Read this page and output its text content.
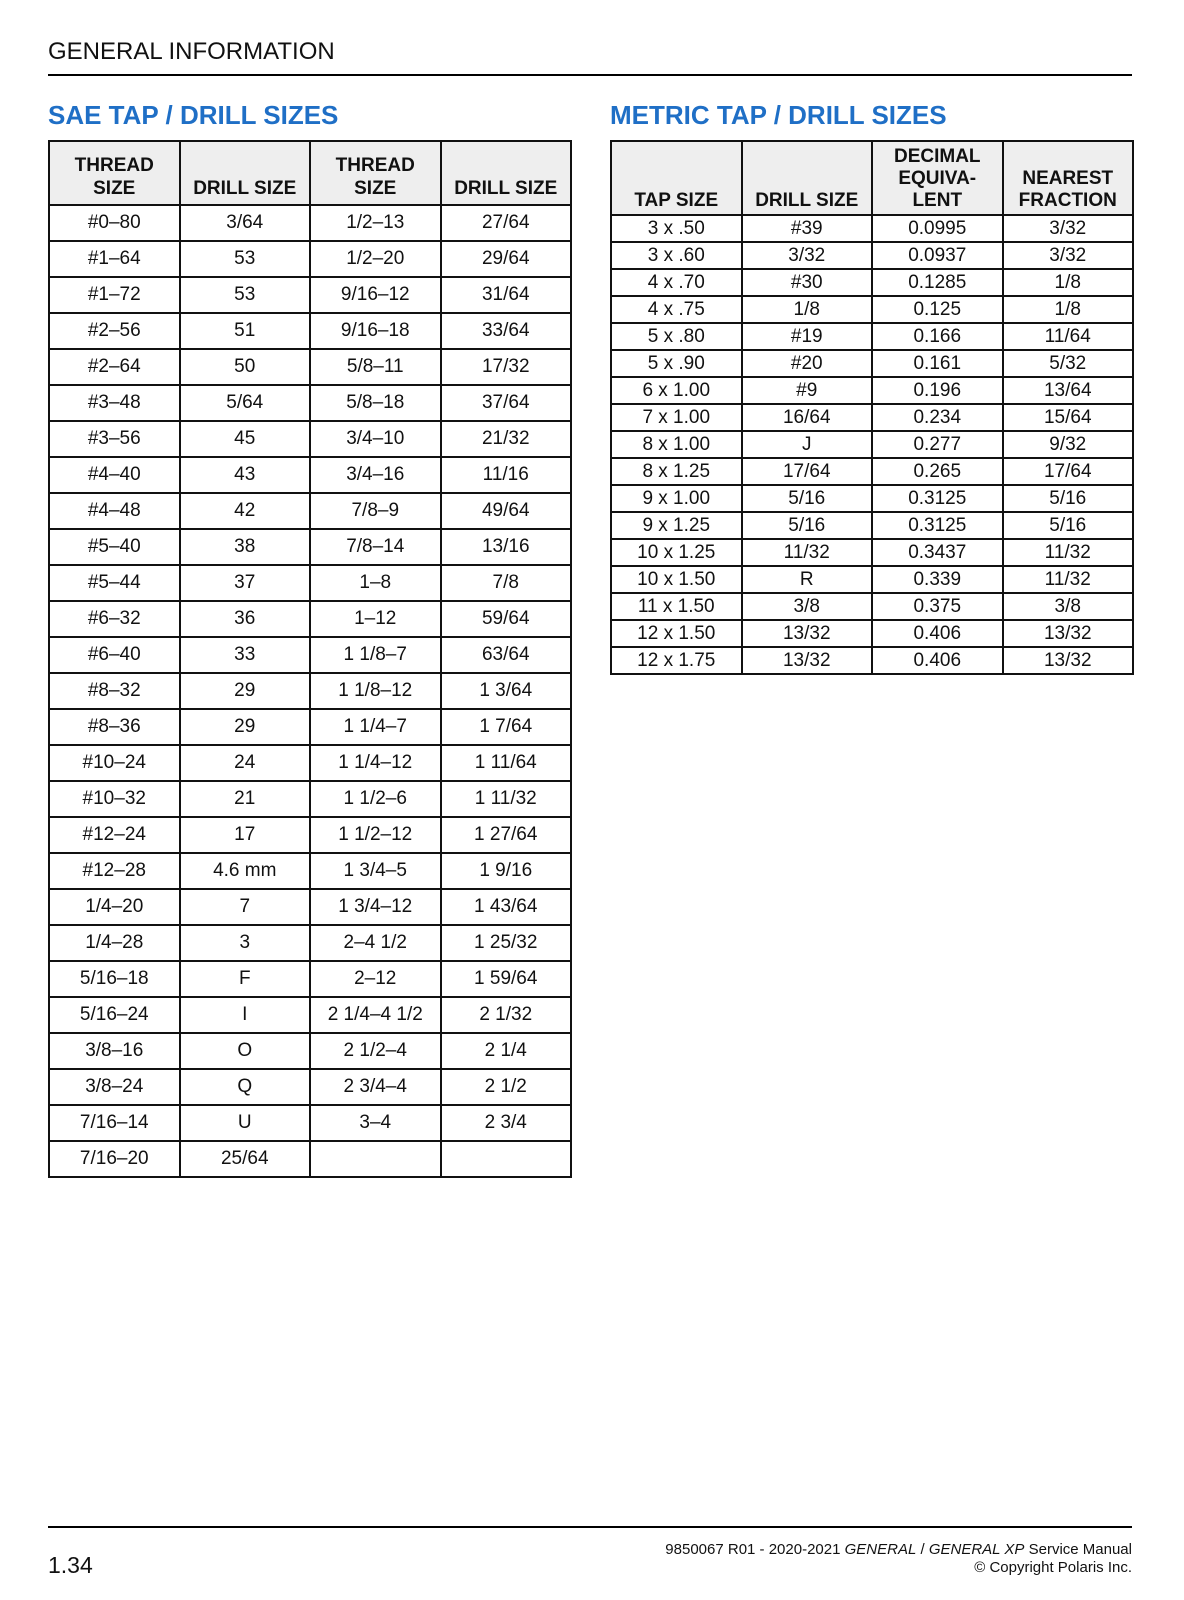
GENERAL INFORMATION
SAE TAP / DRILL SIZES	METRIC TAP / DRILL SIZES
THREAD SIZE	DRILL SIZE	THREAD SIZE	DRILL SIZE
#0–80	3/64	1/2–13	27/64
#1–64	53	1/2–20	29/64
#1–72	53	9/16–12	31/64
#2–56	51	9/16–18	33/64
#2–64	50	5/8–11	17/32
#3–48	5/64	5/8–18	37/64
#3–56	45	3/4–10	21/32
#4–40	43	3/4–16	11/16
#4–48	42	7/8–9	49/64
#5–40	38	7/8–14	13/16
#5–44	37	1–8	7/8
#6–32	36	1–12	59/64
#6–40	33	1 1/8–7	63/64
#8–32	29	1 1/8–12	1 3/64
#8–36	29	1 1/4–7	1 7/64
#10–24	24	1 1/4–12	1 11/64
#10–32	21	1 1/2–6	1 11/32
#12–24	17	1 1/2–12	1 27/64
#12–28	4.6 mm	1 3/4–5	1 9/16
1/4–20	7	1 3/4–12	1 43/64
1/4–28	3	2–4 1/2	1 25/32
5/16–18	F	2–12	1 59/64
5/16–24	I	2 1/4–4 1/2	2 1/32
3/8–16	O	2 1/2–4	2 1/4
3/8–24	Q	2 3/4–4	2 1/2
7/16–14	U	3–4	2 3/4
7/16–20	25/64		
TAP SIZE	DRILL SIZE	DECIMAL EQUIVA- LENT	NEAREST FRACTION
3 x .50	#39	0.0995	3/32
3 x .60	3/32	0.0937	3/32
4 x .70	#30	0.1285	1/8
4 x .75	1/8	0.125	1/8
5 x .80	#19	0.166	11/64
5 x .90	#20	0.161	5/32
6 x 1.00	#9	0.196	13/64
7 x 1.00	16/64	0.234	15/64
8 x 1.00	J	0.277	9/32
8 x 1.25	17/64	0.265	17/64
9 x 1.00	5/16	0.3125	5/16
9 x 1.25	5/16	0.3125	5/16
10 x 1.25	11/32	0.3437	11/32
10 x 1.50	R	0.339	11/32
11 x 1.50	3/8	0.375	3/8
12 x 1.50	13/32	0.406	13/32
12 x 1.75	13/32	0.406	13/32
1.34
9850067 R01 - 2020-2021 GENERAL / GENERAL XP Service Manual
© Copyright Polaris Inc.
